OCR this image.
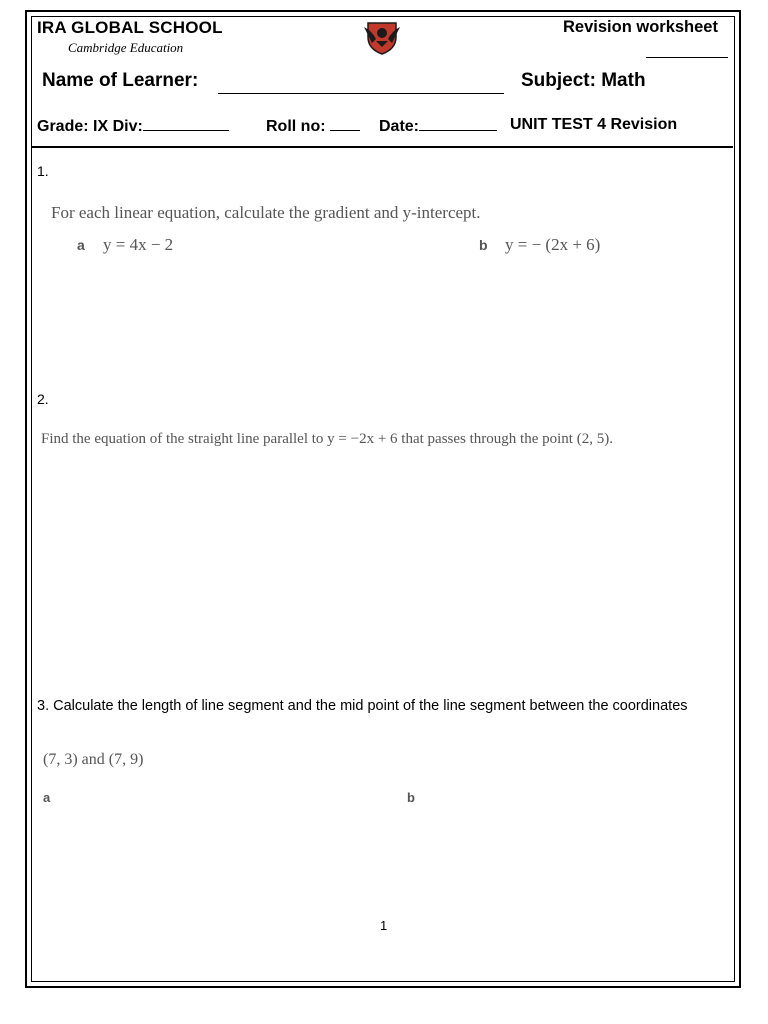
IRA GLOBAL SCHOOL
Cambridge Education
Revision worksheet
Name of Learner:	Subject: Math
Grade: IX Div:	Roll no:	Date:	UNIT TEST 4 Revision
1.
For each linear equation, calculate the gradient and y-intercept.
a y = 4x − 2	b y = − (2x + 6)
2.
Find the equation of the straight line parallel to y = −2x + 6 that passes through the point (2, 5).
3. Calculate the length of line segment and the mid point of the line segment between the coordinates
(7, 3) and (7, 9)
a	b
1
